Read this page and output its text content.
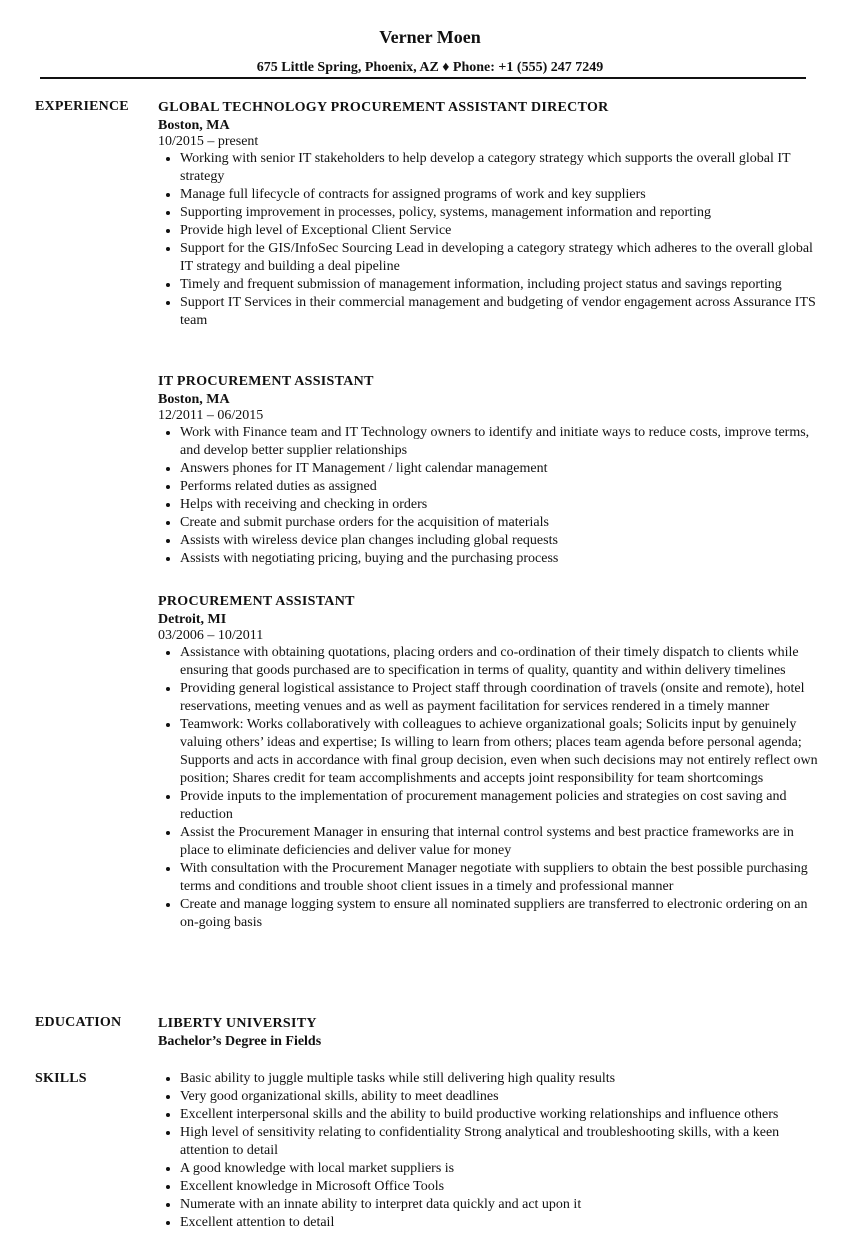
Verner Moen
675 Little Spring, Phoenix, AZ ♦ Phone: +1 (555) 247 7249
EXPERIENCE GLOBAL TECHNOLOGY PROCUREMENT ASSISTANT DIRECTOR
Boston, MA
10/2015 – present
• Working with senior IT stakeholders to help develop a category strategy which supports the overall global IT strategy
• Manage full lifecycle of contracts for assigned programs of work and key suppliers
• Supporting improvement in processes, policy, systems, management information and reporting
• Provide high level of Exceptional Client Service
• Support for the GIS/InfoSec Sourcing Lead in developing a category strategy which adheres to the overall global IT strategy and building a deal pipeline
• Timely and frequent submission of management information, including project status and savings reporting
• Support IT Services in their commercial management and budgeting of vendor engagement across Assurance ITS team
IT PROCUREMENT ASSISTANT
Boston, MA
12/2011 – 06/2015
• Work with Finance team and IT Technology owners to identify and initiate ways to reduce costs, improve terms, and develop better supplier relationships
• Answers phones for IT Management / light calendar management
• Performs related duties as assigned
• Helps with receiving and checking in orders
• Create and submit purchase orders for the acquisition of materials
• Assists with wireless device plan changes including global requests
• Assists with negotiating pricing, buying and the purchasing process
PROCUREMENT ASSISTANT
Detroit, MI
03/2006 – 10/2011
• Assistance with obtaining quotations, placing orders and co-ordination of their timely dispatch to clients while ensuring that goods purchased are to specification in terms of quality, quantity and within delivery timelines
• Providing general logistical assistance to Project staff through coordination of travels (onsite and remote), hotel reservations, meeting venues and as well as payment facilitation for services rendered in a timely manner
• Teamwork: Works collaboratively with colleagues to achieve organizational goals; Solicits input by genuinely valuing others’ ideas and expertise; Is willing to learn from others; places team agenda before personal agenda; Supports and acts in accordance with final group decision, even when such decisions may not entirely reflect own position; Shares credit for team accomplishments and accepts joint responsibility for team shortcomings
• Provide inputs to the implementation of procurement management policies and strategies on cost saving and reduction
• Assist the Procurement Manager in ensuring that internal control systems and best practice frameworks are in place to eliminate deficiencies and deliver value for money
• With consultation with the Procurement Manager negotiate with suppliers to obtain the best possible purchasing terms and conditions and trouble shoot client issues in a timely and professional manner
• Create and manage logging system to ensure all nominated suppliers are transferred to electronic ordering on an on-going basis
EDUCATION	LIBERTY UNIVERSITY
Bachelor’s Degree in Fields
SKILLS
•	Basic ability to juggle multiple tasks while still delivering high quality results
• Very good organizational skills, ability to meet deadlines
• Excellent interpersonal skills and the ability to build productive working relationships and influence others
• High level of sensitivity relating to confidentiality Strong analytical and troubleshooting skills, with a keen attention to detail
• A good knowledge with local market suppliers is
• Excellent knowledge in Microsoft Office Tools
• Numerate with an innate ability to interpret data quickly and act upon it
• Excellent attention to detail
